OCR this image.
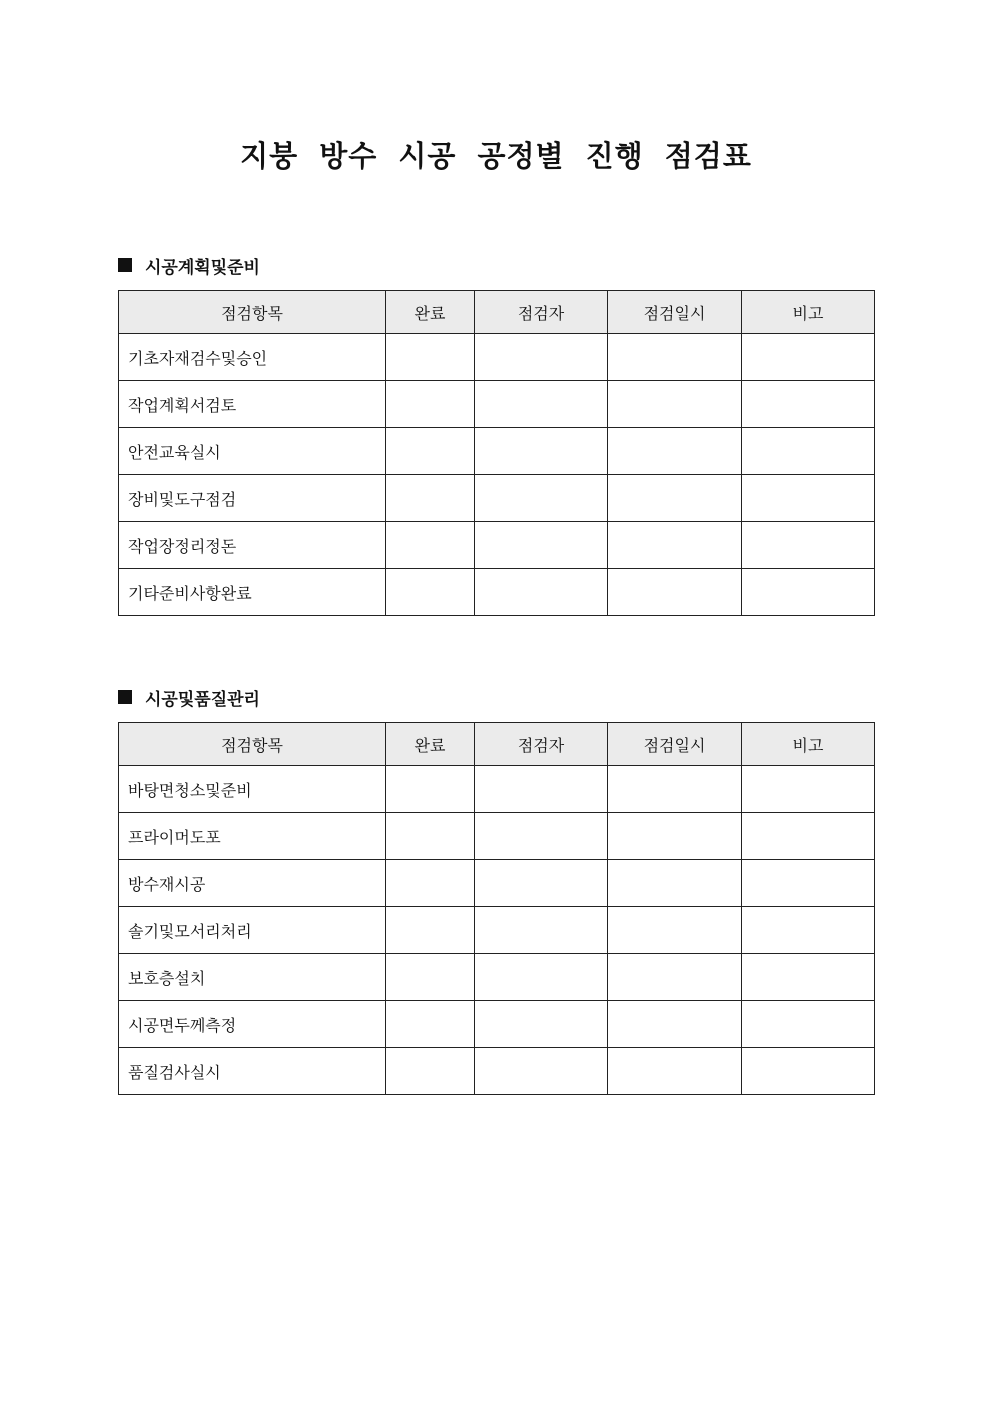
지붕 방수 시공 공정별 진행 점검표
시공계획및준비
점검항목	완료	점검자	점검일시	비고
기초자재검수및승인				
작업계획서검토				
안전교육실시				
장비및도구점검				
작업장정리정돈				
기타준비사항완료				
시공및품질관리
점검항목	완료	점검자	점검일시	비고
바탕면청소및준비				
프라이머도포				
방수재시공				
솔기및모서리처리				
보호층설치				
시공면두께측정				
품질검사실시				
